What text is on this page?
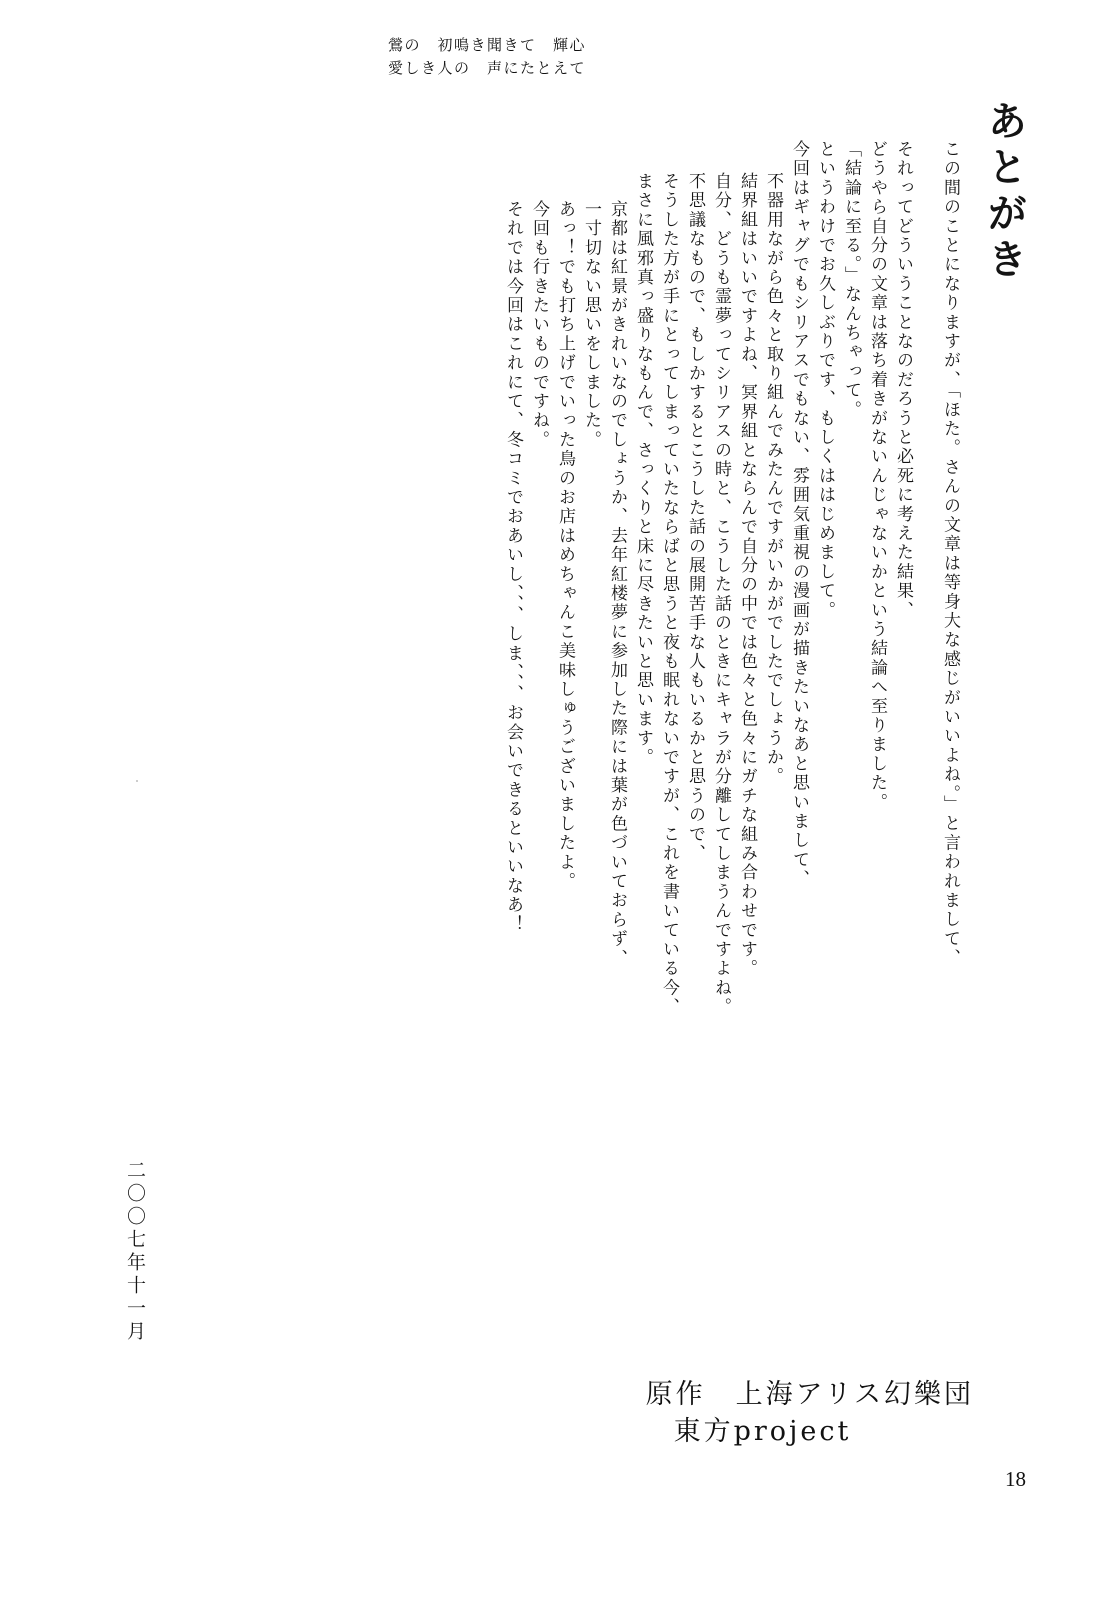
鶯の　初鳴き聞きて　輝心
愛しき人の　声にたとえて
それでは今回はこれにて、冬コミでおあいし、、、しま、、、お会いできるといいなあ！ 今回も行きたいものですね。 あっ！でも打ち上げでいった鳥のお店はめちゃんこ美味しゅうございましたよ。 一寸切ない思いをしました。 京都は紅景がきれいなのでしょうか、去年紅楼夢に参加した際には葉が色づいておらず、 まさに風邪真っ盛りなもんで、さっくりと床に尽きたいと思います。 そうした方が手にとってしまっていたならばと思うと夜も眠れないですが、これを書いている今、 不思議なもので、もしかするとこうした話の展開苦手な人もいるかと思うので、 自分、どうも霊夢ってシリアスの時と、こうした話のときにキャラが分離してしまうんですよね。 結界組はいいですよね、冥界組とならんで自分の中では色々と色々にガチな組み合わせです。 不器用ながら色々と取り組んでみたんですがいかがでしたでしょうか。 今回はギャグでもシリアスでもない、雰囲気重視の漫画が描きたいなあと思いまして、 というわけでお久しぶりです、もしくははじめまして。 「結論に至る。」なんちゃって。 どうやら自分の文章は落ち着きがないんじゃないかという結論へ至りました。 それってどういうことなのだろうと必死に考えた結果、 この間のことになりますが、「ほた。さんの文章は等身大な感じがいいよね。」と言われまして、 あとがき
二〇〇七年十一月
原作　上海アリス幻樂団
東方project
18
